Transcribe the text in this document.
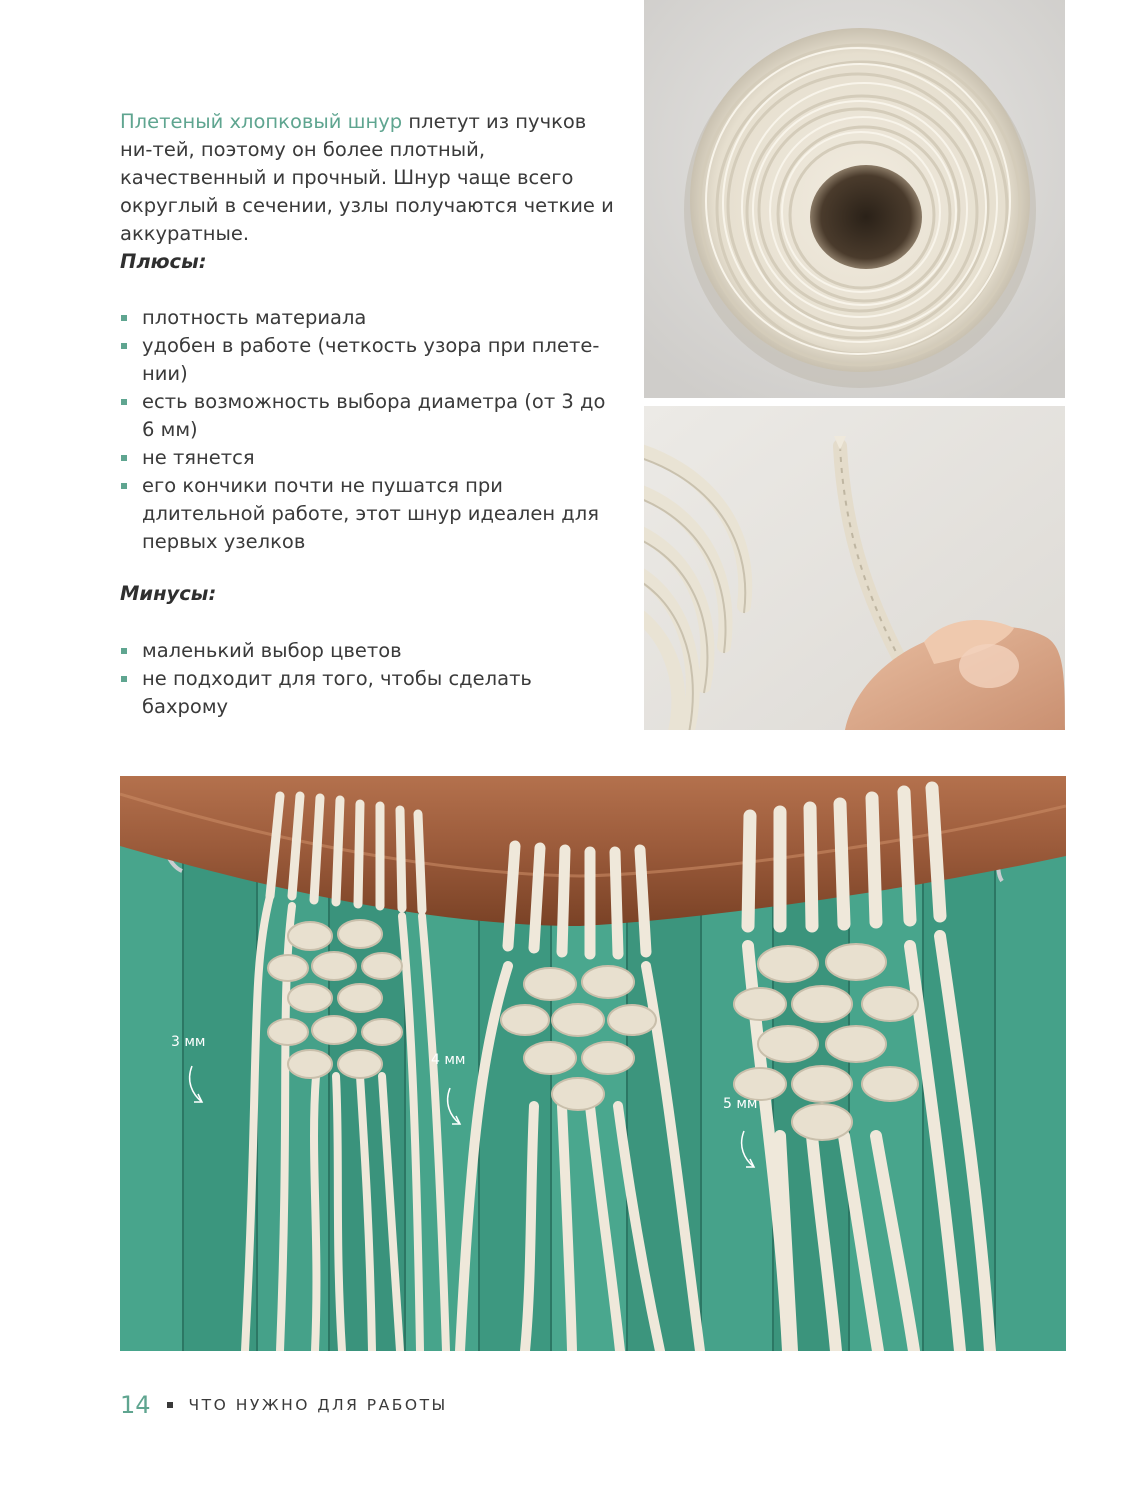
Плетеный хлопковый шнур плетут из пучков ни-тей, поэтому он более плотный, качественный и прочный. Шнур чаще всего округлый в сечении, узлы получаются четкие и аккуратные.

Плюсы:
плотность материала
удобен в работе (четкость узора при плете-нии)
есть возможность выбора диаметра (от 3 до 6 мм)
не тянется
его кончики почти не пушатся при длительной работе, этот шнур идеален для первых узелков
Минусы:
маленький выбор цветов
не подходит для того, чтобы сделать бахрому
3 мм
4 мм
5 мм
14 ЧТО НУЖНО ДЛЯ РАБОТЫ
